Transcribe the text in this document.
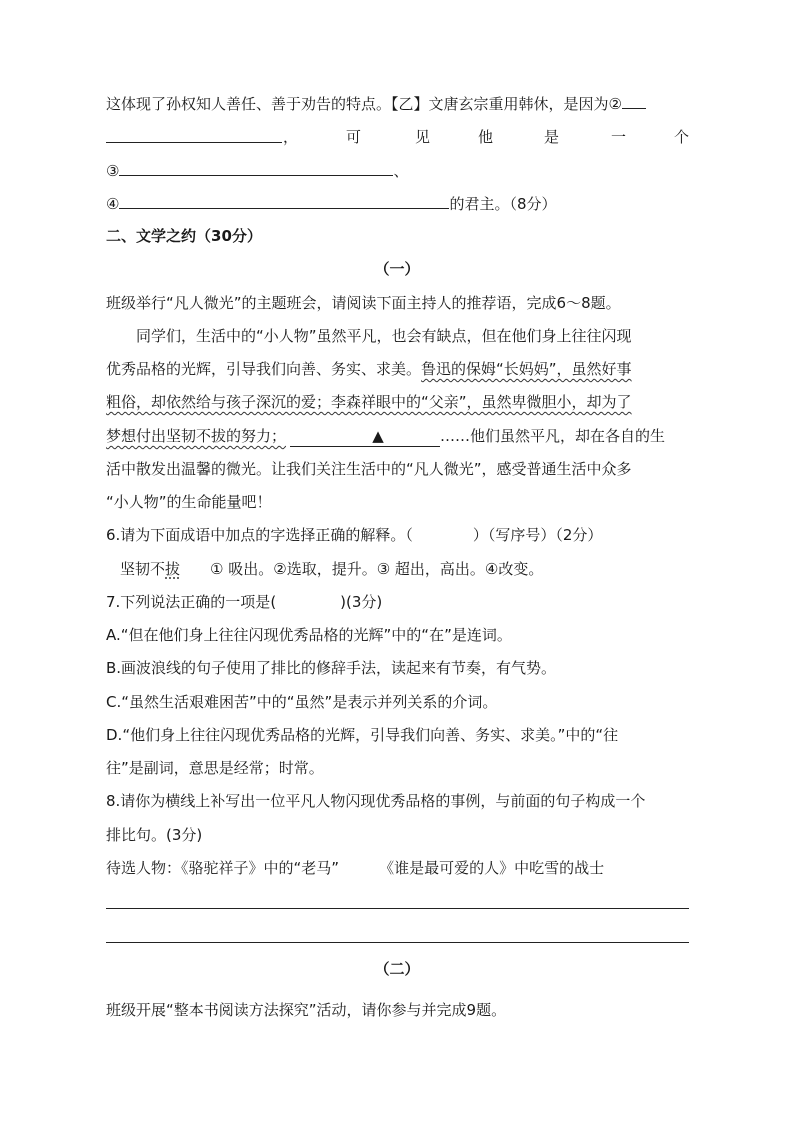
这体现了孙权知人善任、善于劝告的特点。【乙】文唐玄宗重用韩休，是因为②
，	可	见	他	是	一	个
③	、
④	的君主。（8分）
二、文学之约（30分）
（一）
班级举行“凡人微光”的主题班会，请阅读下面主持人的推荐语，完成6～8题。
同学们，生活中的“小人物”虽然平凡，也会有缺点，但在他们身上往往闪现
优秀品格的光辉，引导我们向善、务实、求美。鲁迅的保姆“长妈妈”，虽然好事
粗俗，却依然给与孩子深沉的爱；李森祥眼中的“父亲”，虽然卑微胆小，却为了
梦想付出坚韧不拔的努力；	▲	……他们虽然平凡，却在各自的生
活中散发出温馨的微光。让我们关注生活中的“凡人微光”，感受普通生活中众多
“小人物”的生命能量吧！
6.请为下面成语中加点的字选择正确的解释。（	）（写序号）（2分）
坚韧不拔 ① 吸出。②选取，提升。③ 超出，高出。④改变。
7.下列说法正确的一项是(	)(3分)
A.“但在他们身上往往闪现优秀品格的光辉”中的“在”是连词。
B.画波浪线的句子使用了排比的修辞手法，读起来有节奏，有气势。
C.“虽然生活艰难困苦”中的“虽然”是表示并列关系的介词。
D.“他们身上往往闪现优秀品格的光辉，引导我们向善、务实、求美。”中的“往
往”是副词，意思是经常；时常。
8.请你为横线上补写出一位平凡人物闪现优秀品格的事例，与前面的句子构成一个
排比句。(3分)
待选人物：《骆驼祥子》中的“老马”	《谁是最可爱的人》中吃雪的战士
（二）
班级开展“整本书阅读方法探究”活动，请你参与并完成9题。
